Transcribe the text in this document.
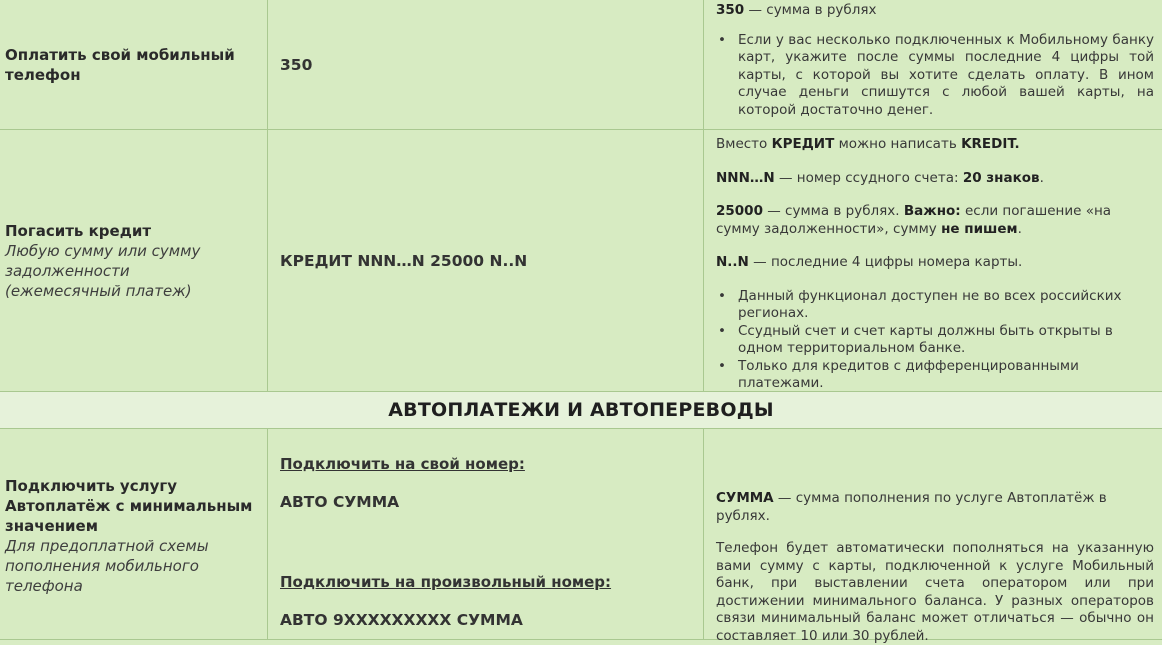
Оплатить свой мобильный телефон
350

350 — сумма в рублях

• Если у вас несколько подключенных к Мобильному банку карт, укажите после суммы последние 4 цифры той карты, с которой вы хотите сделать оплату. В ином случае деньги спишутся с любой вашей карты, на которой достаточно денег.
Погасить кредит
Любую сумму или сумму задолженности (ежемесячный платеж)
КРЕДИТ NNN…N 25000 N..N

Вместо КРЕДИТ можно написать KREDIT.

NNN…N — номер ссудного счета: 20 знаков.

25000 — сумма в рублях. Важно: если погашение «на сумму задолженности», сумму не пишем.

N..N — последние 4 цифры номера карты.

• Данный функционал доступен не во всех российских регионах.
• Ссудный счет и счет карты должны быть открыты в одном территориальном банке.
• Только для кредитов с дифференцированными платежами.
АВТОПЛАТЕЖИ И АВТОПЕРЕВОДЫ
Подключить услугу Автоплатёж с минимальным значением
Для предоплатной схемы пополнения мобильного телефона
Подключить на свой номер:
АВТО СУММА
Подключить на произвольный номер:
АВТО 9ХХХХХХХХХ СУММА

СУММА — сумма пополнения по услуге Автоплатёж в рублях.

Телефон будет автоматически пополняться на указанную вами сумму с карты, подключенной к услуге Мобильный банк, при выставлении счета оператором или при достижении минимального баланса. У разных операторов связи минимальный баланс может отличаться — обычно он составляет 10 или 30 рублей.
